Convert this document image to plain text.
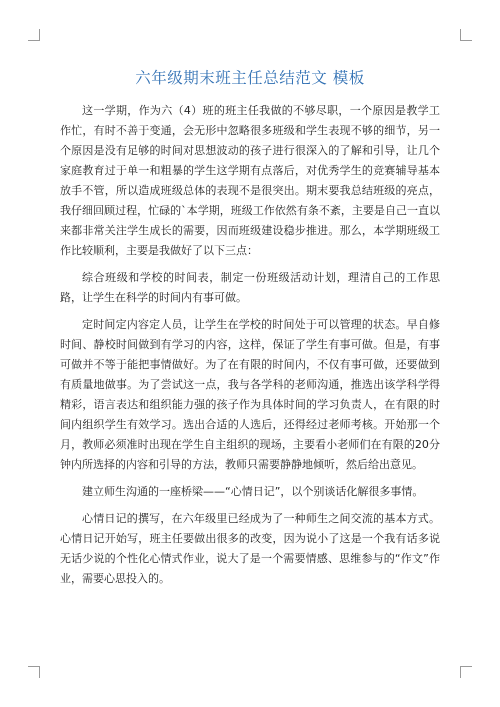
六年级期末班主任总结范文 模板

这一学期，作为六（4）班的班主任我做的不够尽职，一个原因是教学工作忙，有时不善于变通，会无形中忽略很多班级和学生表现不够的细节，另一个原因是没有足够的时间对思想波动的孩子进行很深入的了解和引导，让几个家庭教育过于单一和粗暴的学生这学期有点落后，对优秀学生的竞赛辅导基本放手不管，所以造成班级总体的表现不是很突出。期末要我总结班级的亮点，我仔细回顾过程，忙碌的`本学期，班级工作依然有条不紊，主要是自己一直以来都非常关注学生成长的需要，因而班级建设稳步推进。那么，本学期班级工作比较顺利，主要是我做好了以下三点：

综合班级和学校的时间表，制定一份班级活动计划，理清自己的工作思路，让学生在科学的时间内有事可做。

定时间定内容定人员，让学生在学校的时间处于可以管理的状态。早自修时间、静校时间做到有学习的内容，这样，保证了学生有事可做。但是，有事可做并不等于能把事情做好。为了在有限的时间内，不仅有事可做，还要做到有质量地做事。为了尝试这一点，我与各学科的老师沟通，推选出该学科学得精彩，语言表达和组织能力强的孩子作为具体时间的学习负责人，在有限的时间内组织学生有效学习。选出合适的人选后，还得经过老师考核。开始那一个月，教师必须准时出现在学生自主组织的现场，主要看小老师们在有限的20分钟内所选择的内容和引导的方法，教师只需要静静地倾听，然后给出意见。

建立师生沟通的一座桥梁——“心情日记”，以个别谈话化解很多事情。

心情日记的撰写，在六年级里已经成为了一种师生之间交流的基本方式。心情日记开始写，班主任要做出很多的改变，因为说小了这是一个我有话多说无话少说的个性化心情式作业，说大了是一个需要情感、思维参与的“作文”作业，需要心思投入的。
